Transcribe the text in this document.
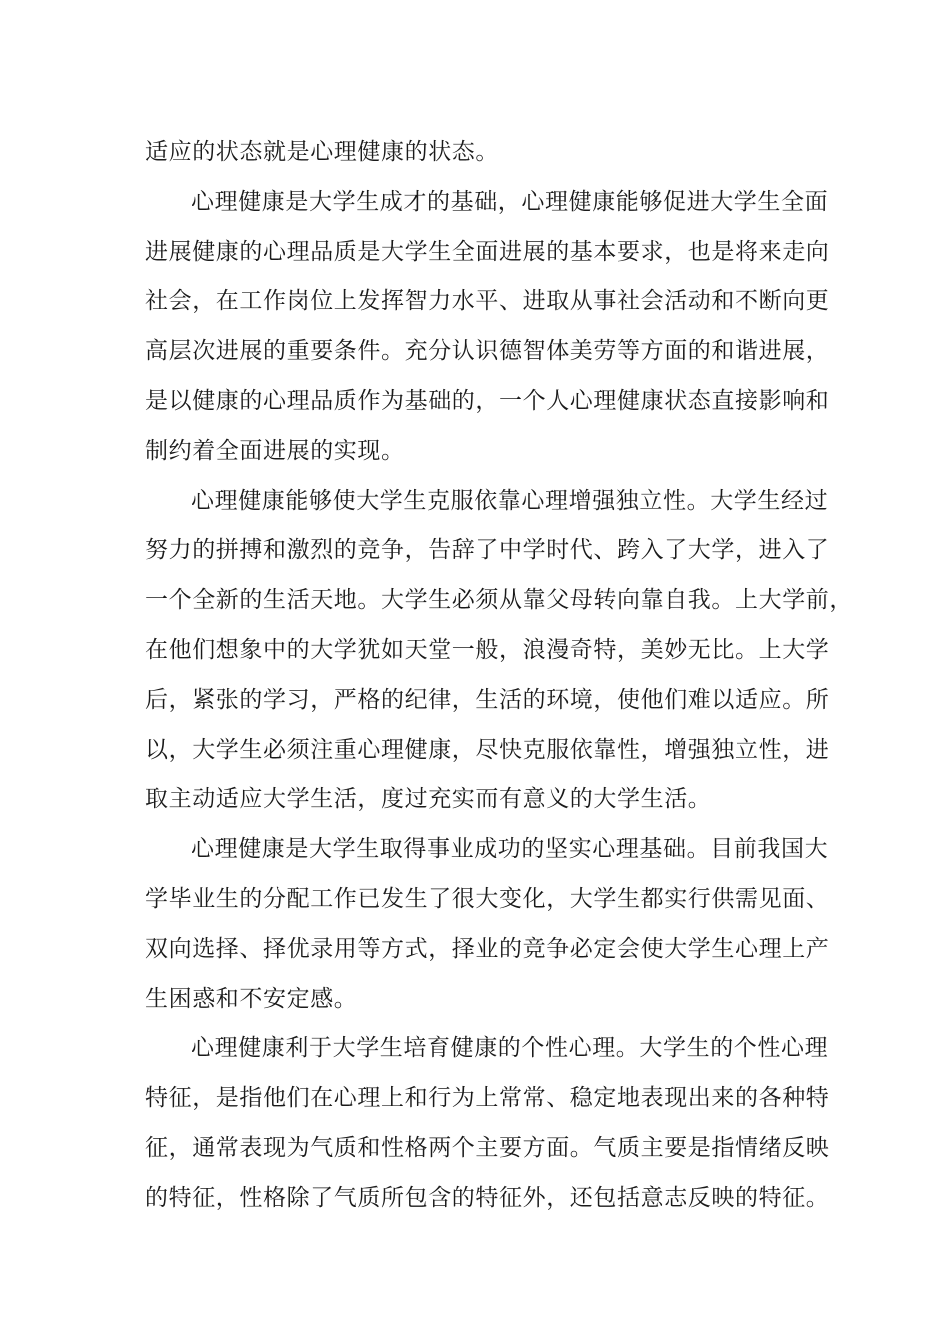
适应的状态就是心理健康的状态。
心理健康是大学生成才的基础，心理健康能够促进大学生全面
进展健康的心理品质是大学生全面进展的基本要求，也是将来走向
社会，在工作岗位上发挥智力水平、进取从事社会活动和不断向更
高层次进展的重要条件。充分认识德智体美劳等方面的和谐进展，
是以健康的心理品质作为基础的，一个人心理健康状态直接影响和
制约着全面进展的实现。
心理健康能够使大学生克服依靠心理增强独立性。大学生经过
努力的拼搏和激烈的竞争，告辞了中学时代、跨入了大学，进入了
一个全新的生活天地。大学生必须从靠父母转向靠自我。上大学前，
在他们想象中的大学犹如天堂一般，浪漫奇特，美妙无比。上大学
后，紧张的学习，严格的纪律，生活的环境，使他们难以适应。所
以，大学生必须注重心理健康，尽快克服依靠性，增强独立性，进
取主动适应大学生活，度过充实而有意义的大学生活。
心理健康是大学生取得事业成功的坚实心理基础。目前我国大
学毕业生的分配工作已发生了很大变化，大学生都实行供需见面、
双向选择、择优录用等方式，择业的竞争必定会使大学生心理上产
生困惑和不安定感。
心理健康利于大学生培育健康的个性心理。大学生的个性心理
特征，是指他们在心理上和行为上常常、稳定地表现出来的各种特
征，通常表现为气质和性格两个主要方面。气质主要是指情绪反映
的特征，性格除了气质所包含的特征外，还包括意志反映的特征。
